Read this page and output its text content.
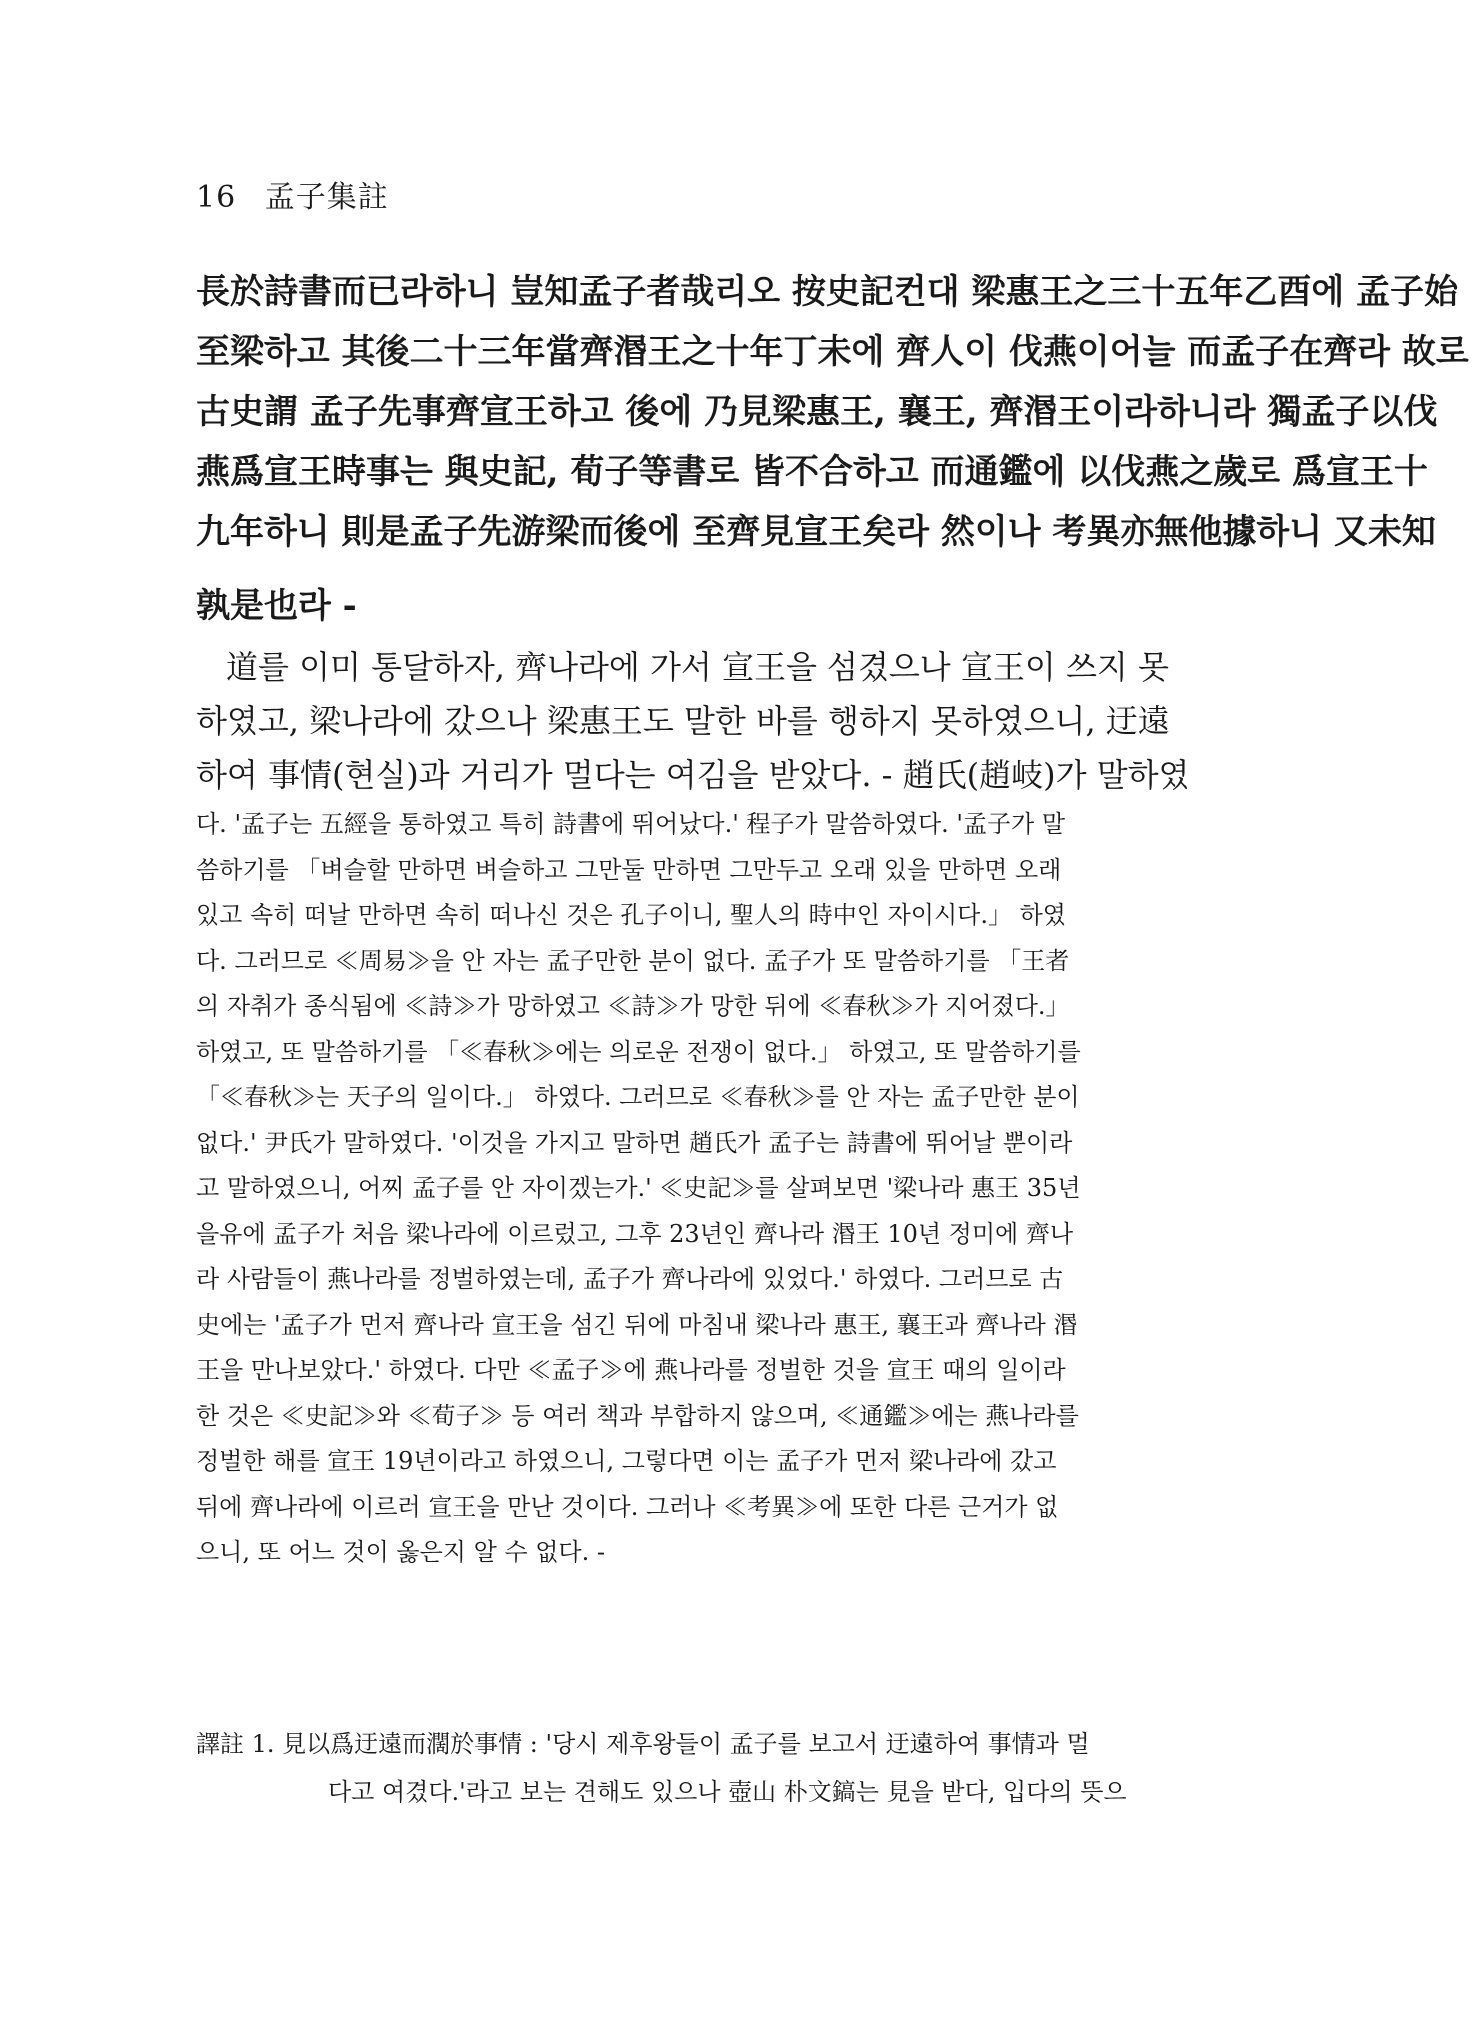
16 孟子集註
長於詩書而已라하니 豈知孟子者哉리오 按史記컨대 梁惠王之三十五年乙酉에 孟子始
至梁하고 其後二十三年當齊湣王之十年丁未에 齊人이 伐燕이어늘 而孟子在齊라 故로
古史謂 孟子先事齊宣王하고 後에 乃見梁惠王, 襄王, 齊湣王이라하니라 獨孟子以伐
燕爲宣王時事는 與史記, 荀子等書로 皆不合하고 而通鑑에 以伐燕之歲로 爲宣王十
九年하니 則是孟子先游梁而後에 至齊見宣王矣라 然이나 考異亦無他據하니 又未知
孰是也라 -
道를 이미 통달하자, 齊나라에 가서 宣王을 섬겼으나 宣王이 쓰지 못
하였고, 梁나라에 갔으나 梁惠王도 말한 바를 행하지 못하였으니, 迂遠
하여 事情(현실)과 거리가 멀다는 여김을 받았다. - 趙氏(趙岐)가 말하였
다. '孟子는 五經을 통하였고 특히 詩書에 뛰어났다.' 程子가 말씀하였다. '孟子가 말
씀하기를 「벼슬할 만하면 벼슬하고 그만둘 만하면 그만두고 오래 있을 만하면 오래
있고 속히 떠날 만하면 속히 떠나신 것은 孔子이니, 聖人의 時中인 자이시다.」 하였
다. 그러므로 ≪周易≫을 안 자는 孟子만한 분이 없다. 孟子가 또 말씀하기를 「王者
의 자취가 종식됨에 ≪詩≫가 망하였고 ≪詩≫가 망한 뒤에 ≪春秋≫가 지어졌다.」
하였고, 또 말씀하기를 「≪春秋≫에는 의로운 전쟁이 없다.」 하였고, 또 말씀하기를
「≪春秋≫는 天子의 일이다.」 하였다. 그러므로 ≪春秋≫를 안 자는 孟子만한 분이
없다.' 尹氏가 말하였다. '이것을 가지고 말하면 趙氏가 孟子는 詩書에 뛰어날 뿐이라
고 말하였으니, 어찌 孟子를 안 자이겠는가.' ≪史記≫를 살펴보면 '梁나라 惠王 35년
을유에 孟子가 처음 梁나라에 이르렀고, 그후 23년인 齊나라 湣王 10년 정미에 齊나
라 사람들이 燕나라를 정벌하였는데, 孟子가 齊나라에 있었다.' 하였다. 그러므로 古
史에는 '孟子가 먼저 齊나라 宣王을 섬긴 뒤에 마침내 梁나라 惠王, 襄王과 齊나라 湣
王을 만나보았다.' 하였다. 다만 ≪孟子≫에 燕나라를 정벌한 것을 宣王 때의 일이라
한 것은 ≪史記≫와 ≪荀子≫ 등 여러 책과 부합하지 않으며, ≪通鑑≫에는 燕나라를
정벌한 해를 宣王 19년이라고 하였으니, 그렇다면 이는 孟子가 먼저 梁나라에 갔고
뒤에 齊나라에 이르러 宣王을 만난 것이다. 그러나 ≪考異≫에 또한 다른 근거가 없
으니, 또 어느 것이 옳은지 알 수 없다. -
譯註 1. 見以爲迂遠而濶於事情 : '당시 제후왕들이 孟子를 보고서 迂遠하여 事情과 멀
다고 여겼다.'라고 보는 견해도 있으나 壺山 朴文鎬는 見을 받다, 입다의 뜻으
